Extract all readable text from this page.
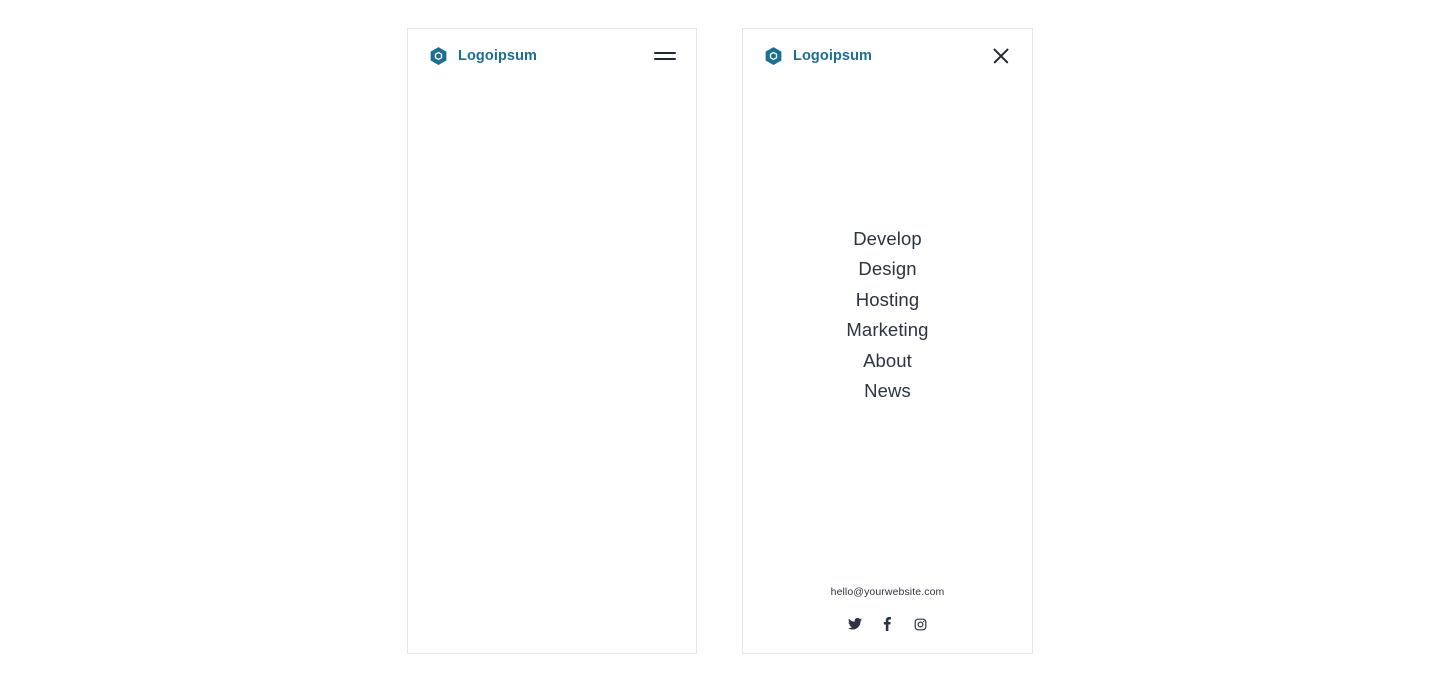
Logoipsum	Logoipsum
Develop
Design
Hosting
Marketing
About
News
hello@yourwebsite.com
